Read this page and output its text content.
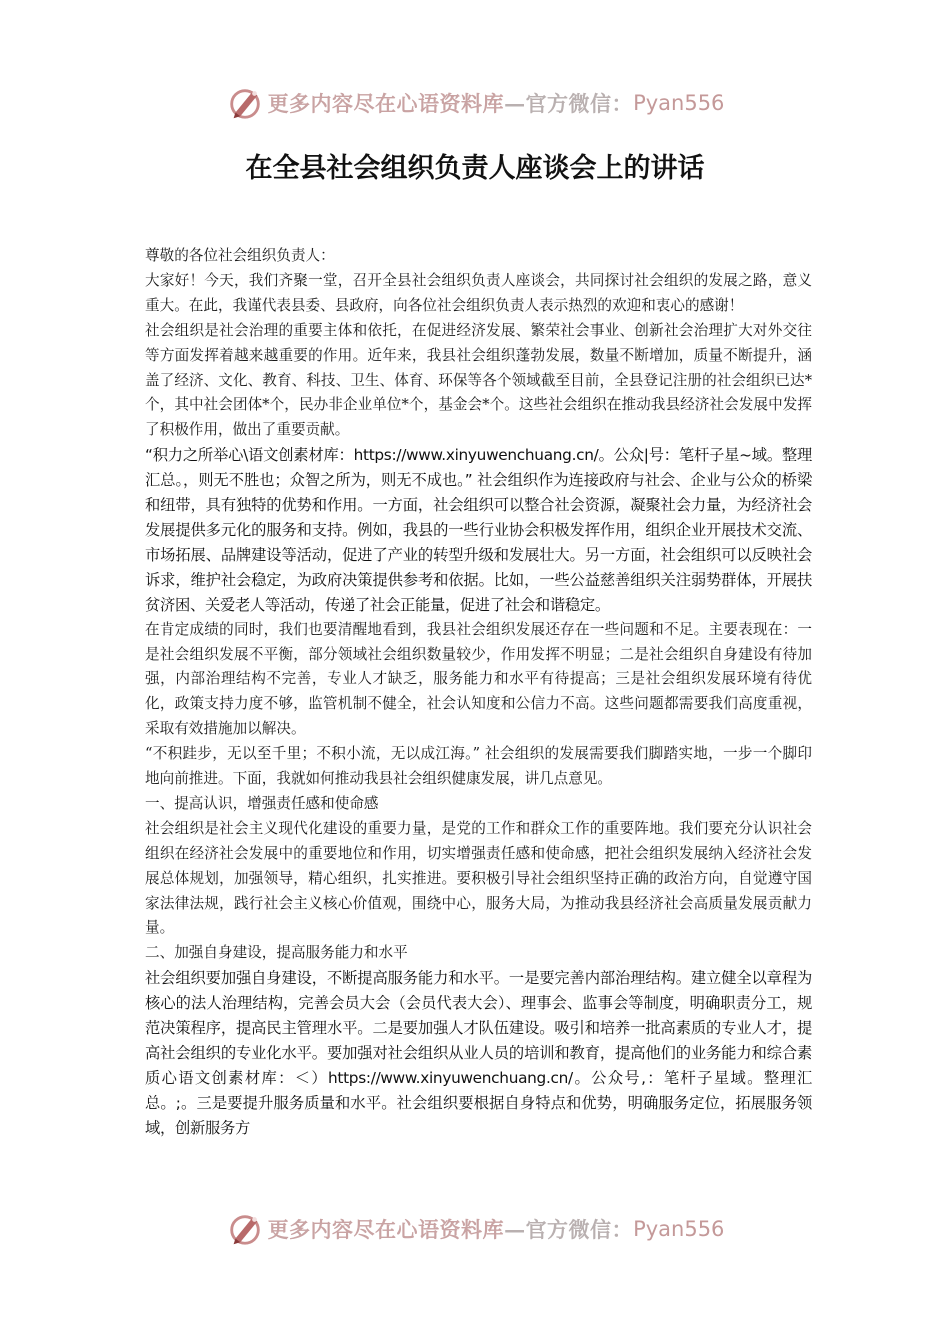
更多内容尽在心语资料库 —官方微信： Pyan556
在全县社会组织负责人座谈会上的讲话

尊敬的各位社会组织负责人：

大家好！今天，我们齐聚一堂，召开全县社会组织负责人座谈会，共同探讨社会组织的发展之路，意义重大。在此，我谨代表县委、县政府，向各位社会组织负责人表示热烈的欢迎和衷心的感谢！

社会组织是社会治理的重要主体和依托，在促进经济发展、繁荣社会事业、创新社会治理扩大对外交往等方面发挥着越来越重要的作用。近年来，我县社会组织蓬勃发展，数量不断增加，质量不断提升，涵盖了经济、文化、教育、科技、卫生、体育、环保等各个领域截至目前，全县登记注册的社会组织已达*个，其中社会团体*个，民办非企业单位*个，基金会*个。这些社会组织在推动我县经济社会发展中发挥了积极作用，做出了重要贡献。

“积力之所举心\语文创素材库：https://www.xinyuwenchuang.cn/。公众|号：笔杆子星~域。整理汇总。，则无不胜也；众智之所为，则无不成也。” 社会组织作为连接政府与社会、企业与公众的桥梁和纽带，具有独特的优势和作用。一方面，社会组织可以整合社会资源，凝聚社会力量，为经济社会发展提供多元化的服务和支持。例如，我县的一些行业协会积极发挥作用，组织企业开展技术交流、市场拓展、品牌建设等活动，促进了产业的转型升级和发展壮大。另一方面，社会组织可以反映社会诉求，维护社会稳定，为政府决策提供参考和依据。比如，一些公益慈善组织关注弱势群体，开展扶贫济困、关爱老人等活动，传递了社会正能量，促进了社会和谐稳定。

在肯定成绩的同时，我们也要清醒地看到，我县社会组织发展还存在一些问题和不足。主要表现在：一是社会组织发展不平衡，部分领域社会组织数量较少，作用发挥不明显；二是社会组织自身建设有待加强，内部治理结构不完善，专业人才缺乏，服务能力和水平有待提高；三是社会组织发展环境有待优化，政策支持力度不够，监管机制不健全，社会认知度和公信力不高。这些问题都需要我们高度重视，采取有效措施加以解决。

“不积跬步，无以至千里；不积小流，无以成江海。” 社会组织的发展需要我们脚踏实地，一步一个脚印地向前推进。下面，我就如何推动我县社会组织健康发展，讲几点意见。

一、提高认识，增强责任感和使命感

社会组织是社会主义现代化建设的重要力量，是党的工作和群众工作的重要阵地。我们要充分认识社会组织在经济社会发展中的重要地位和作用，切实增强责任感和使命感，把社会组织发展纳入经济社会发展总体规划，加强领导，精心组织，扎实推进。要积极引导社会组织坚持正确的政治方向，自觉遵守国家法律法规，践行社会主义核心价值观，围绕中心，服务大局，为推动我县经济社会高质量发展贡献力量。

二、加强自身建设，提高服务能力和水平

社会组织要加强自身建设，不断提高服务能力和水平。一是要完善内部治理结构。建立健全以章程为核心的法人治理结构，完善会员大会（会员代表大会）、理事会、监事会等制度，明确职责分工，规范决策程序，提高民主管理水平。二是要加强人才队伍建设。吸引和培养一批高素质的专业人才，提高社会组织的专业化水平。要加强对社会组织从业人员的培训和教育，提高他们的业务能力和综合素质心语文创素材库：＜）https://www.xinyuwenchuang.cn/。公众号,：笔杆子星域。整理汇总。;。三是要提升服务质量和水平。社会组织要根据自身特点和优势，明确服务定位，拓展服务领域，创新服务方

更多内容尽在心语资料库 —官方微信： Pyan556
